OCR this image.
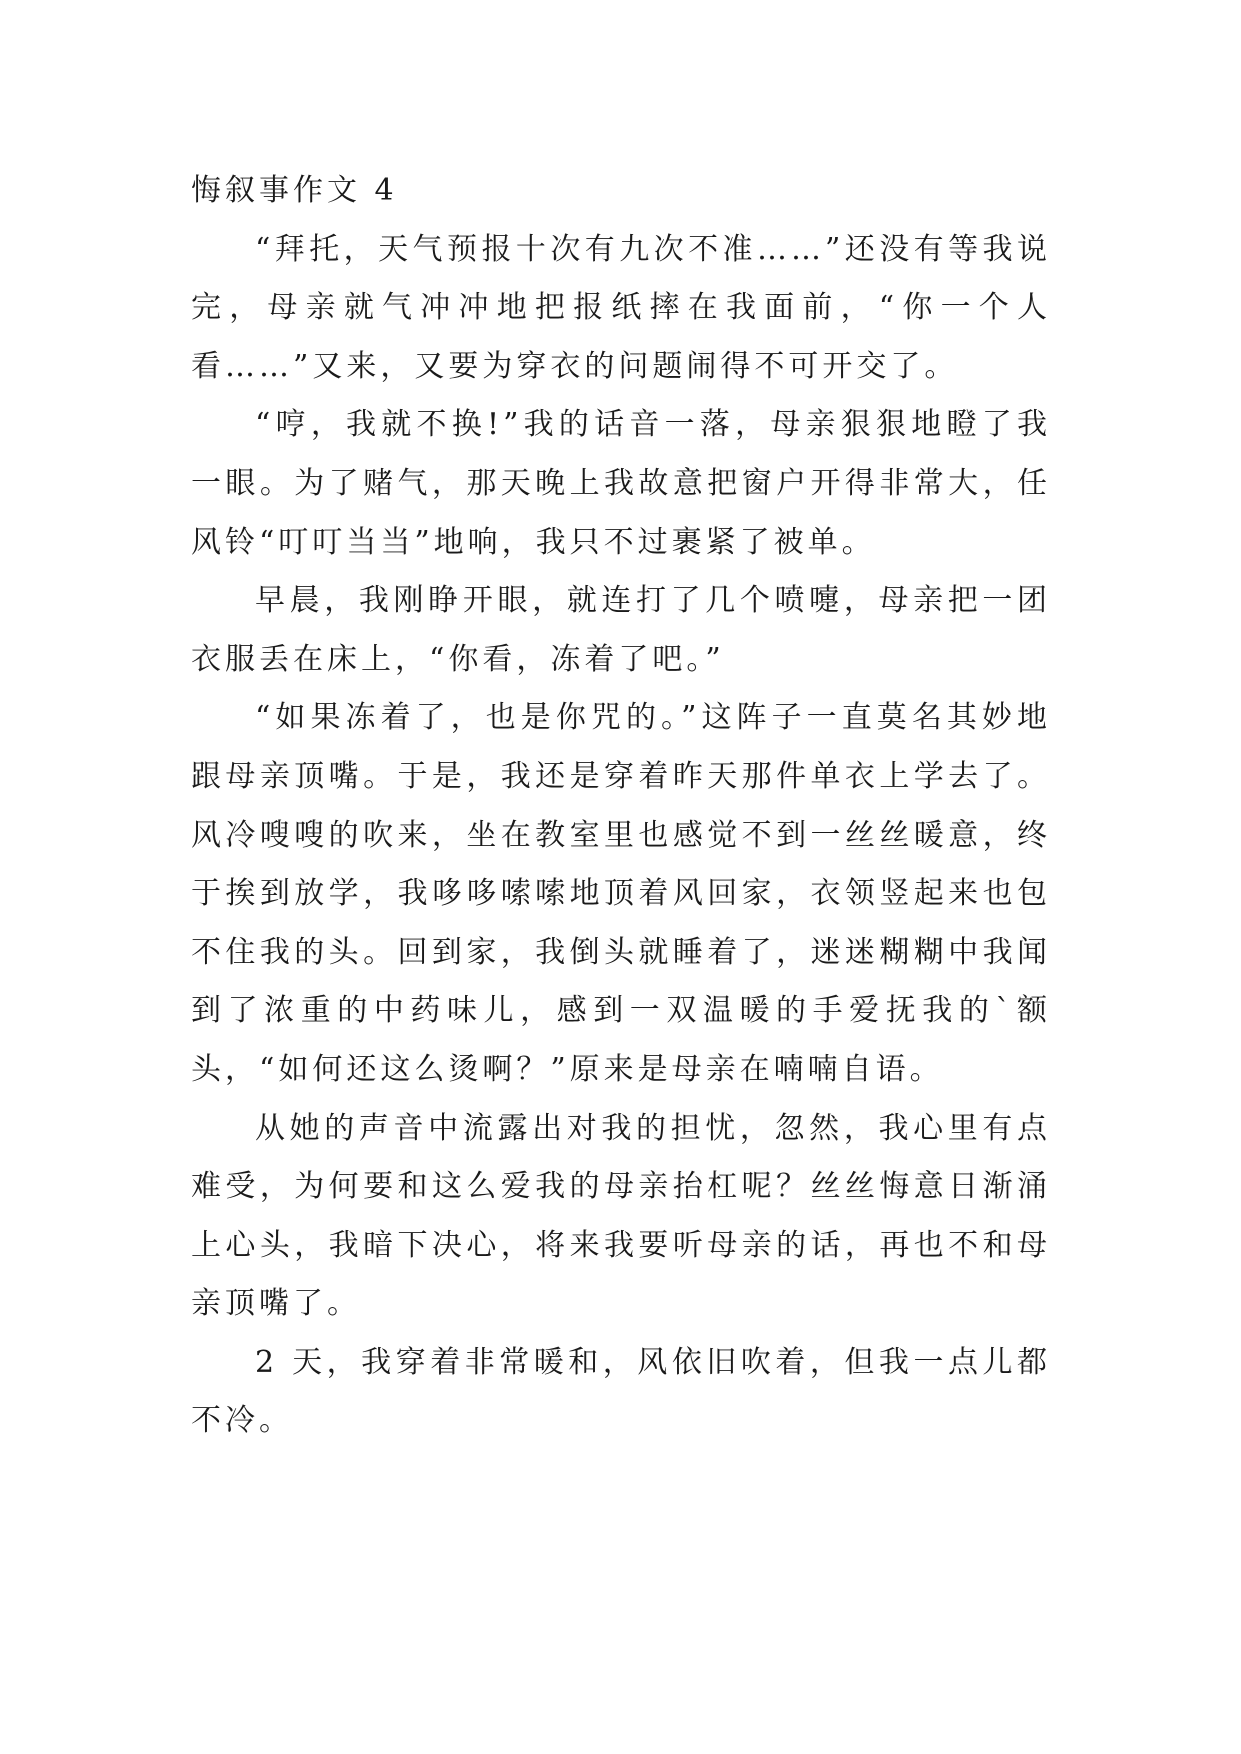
悔叙事作文 4

“拜托，天气预报十次有九次不准……”还没有等我说完，母亲就气冲冲地把报纸摔在我面前，“你一个人看……”又来，又要为穿衣的问题闹得不可开交了。

“哼，我就不换!”我的话音一落，母亲狠狠地瞪了我一眼。为了赌气，那天晚上我故意把窗户开得非常大，任风铃“叮叮当当”地响，我只不过裹紧了被单。

早晨，我刚睁开眼，就连打了几个喷嚏，母亲把一团衣服丢在床上，“你看，冻着了吧。”

“如果冻着了，也是你咒的。”这阵子一直莫名其妙地跟母亲顶嘴。于是，我还是穿着昨天那件单衣上学去了。风冷嗖嗖的吹来，坐在教室里也感觉不到一丝丝暖意，终于挨到放学，我哆哆嗦嗦地顶着风回家，衣领竖起来也包不住我的头。回到家，我倒头就睡着了，迷迷糊糊中我闻到了浓重的中药味儿，感到一双温暖的手爱抚我的`额头，“如何还这么烫啊？”原来是母亲在喃喃自语。

从她的声音中流露出对我的担忧，忽然，我心里有点难受，为何要和这么爱我的母亲抬杠呢？丝丝悔意日渐涌上心头，我暗下决心，将来我要听母亲的话，再也不和母亲顶嘴了。

2 天，我穿着非常暖和，风依旧吹着，但我一点儿都不冷。
